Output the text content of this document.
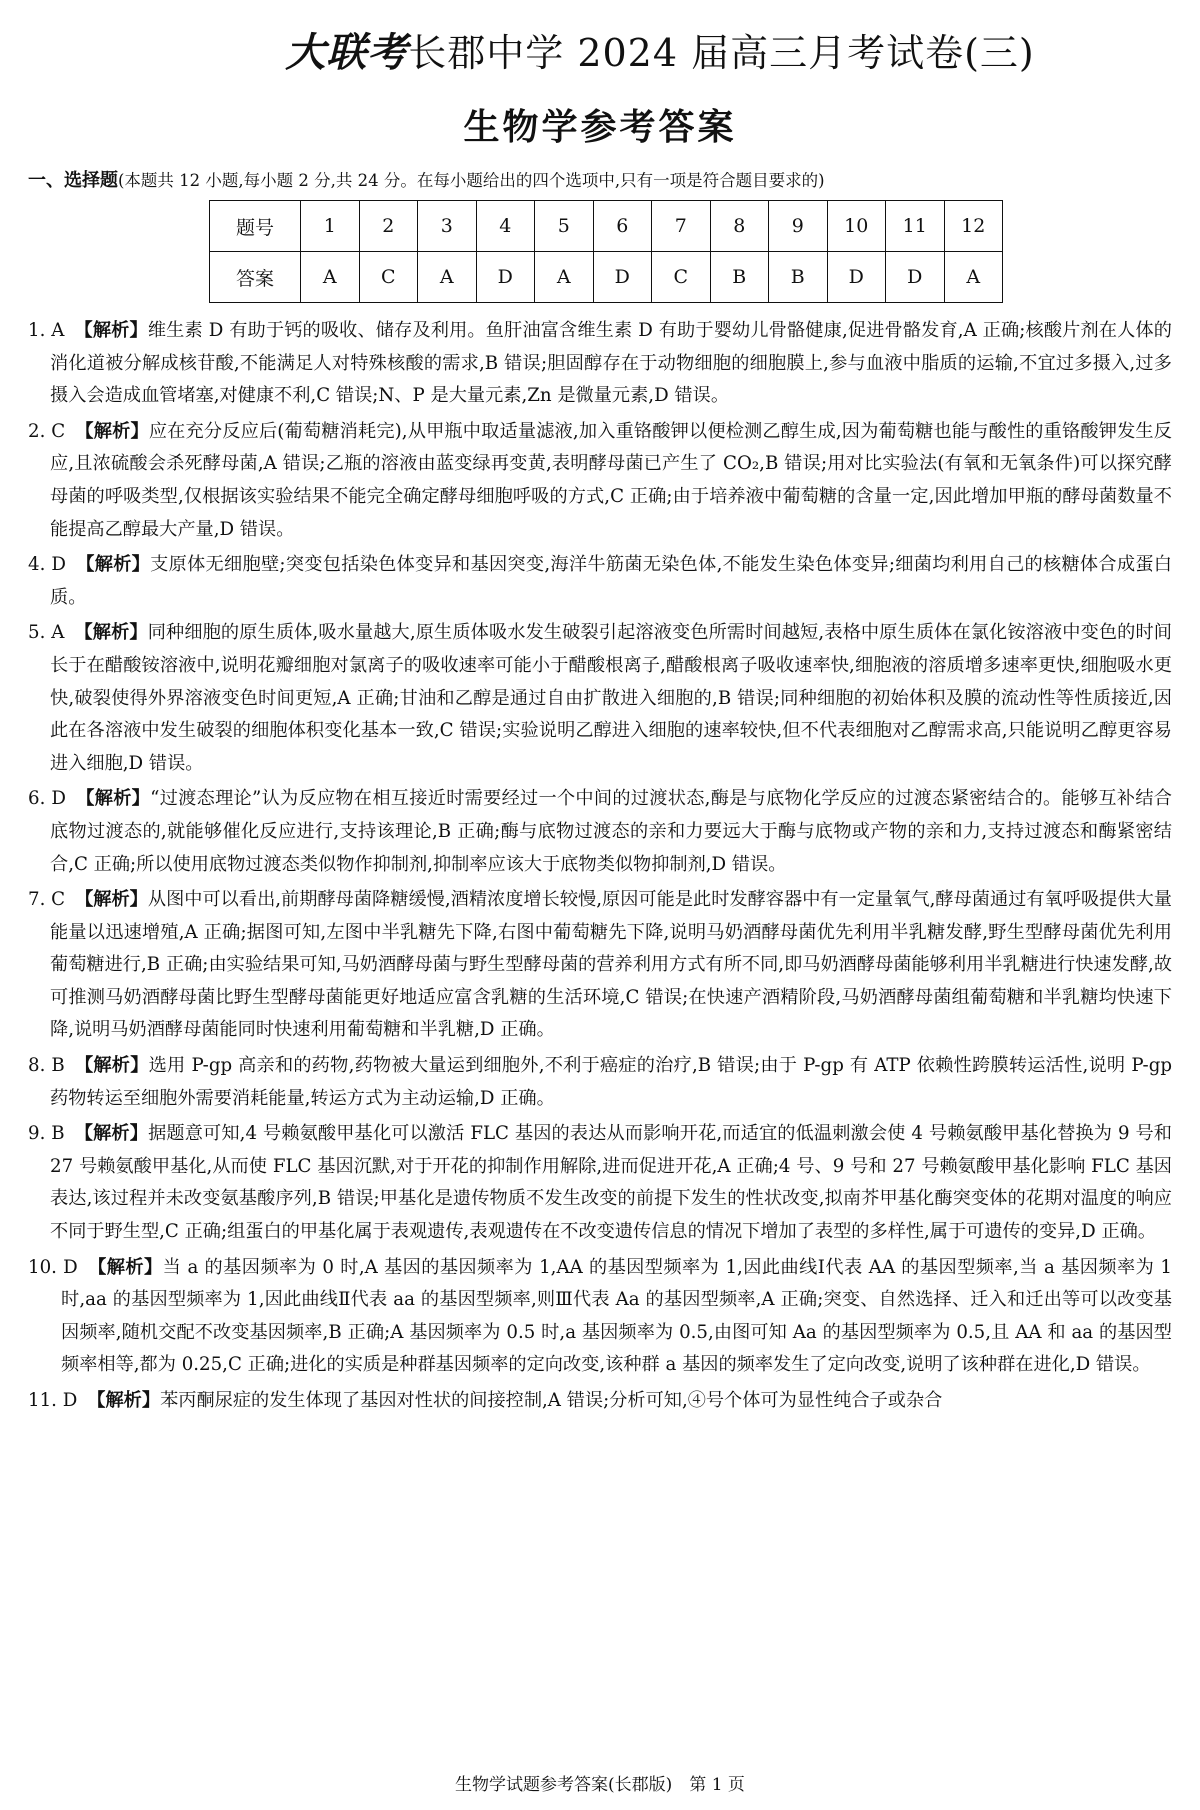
大联考长郡中学 2024 届高三月考试卷(三)
生物学参考答案
一、选择题(本题共 12 小题,每小题 2 分,共 24 分。在每小题给出的四个选项中,只有一项是符合题目要求的)
题号	1	2	3	4	5	6	7	8	9	10	11	12
答案	A	C	A	D	A	D	C	B	B	D	D	A

1. A 【解析】维生素 D 有助于钙的吸收、储存及利用。鱼肝油富含维生素 D 有助于婴幼儿骨骼健康,促进骨骼发育,A 正确;核酸片剂在人体的消化道被分解成核苷酸,不能满足人对特殊核酸的需求,B 错误;胆固醇存在于动物细胞的细胞膜上,参与血液中脂质的运输,不宜过多摄入,过多摄入会造成血管堵塞,对健康不利,C 错误;N、P 是大量元素,Zn 是微量元素,D 错误。

2. C 【解析】应在充分反应后(葡萄糖消耗完),从甲瓶中取适量滤液,加入重铬酸钾以便检测乙醇生成,因为葡萄糖也能与酸性的重铬酸钾发生反应,且浓硫酸会杀死酵母菌,A 错误;乙瓶的溶液由蓝变绿再变黄,表明酵母菌已产生了 CO₂,B 错误;用对比实验法(有氧和无氧条件)可以探究酵母菌的呼吸类型,仅根据该实验结果不能完全确定酵母细胞呼吸的方式,C 正确;由于培养液中葡萄糖的含量一定,因此增加甲瓶的酵母菌数量不能提高乙醇最大产量,D 错误。

4. D 【解析】支原体无细胞壁;突变包括染色体变异和基因突变,海洋牛筋菌无染色体,不能发生染色体变异;细菌均利用自己的核糖体合成蛋白质。

5. A 【解析】同种细胞的原生质体,吸水量越大,原生质体吸水发生破裂引起溶液变色所需时间越短,表格中原生质体在氯化铵溶液中变色的时间长于在醋酸铵溶液中,说明花瓣细胞对氯离子的吸收速率可能小于醋酸根离子,醋酸根离子吸收速率快,细胞液的溶质增多速率更快,细胞吸水更快,破裂使得外界溶液变色时间更短,A 正确;甘油和乙醇是通过自由扩散进入细胞的,B 错误;同种细胞的初始体积及膜的流动性等性质接近,因此在各溶液中发生破裂的细胞体积变化基本一致,C 错误;实验说明乙醇进入细胞的速率较快,但不代表细胞对乙醇需求高,只能说明乙醇更容易进入细胞,D 错误。

6. D 【解析】“过渡态理论”认为反应物在相互接近时需要经过一个中间的过渡状态,酶是与底物化学反应的过渡态紧密结合的。能够互补结合底物过渡态的,就能够催化反应进行,支持该理论,B 正确;酶与底物过渡态的亲和力要远大于酶与底物或产物的亲和力,支持过渡态和酶紧密结合,C 正确;所以使用底物过渡态类似物作抑制剂,抑制率应该大于底物类似物抑制剂,D 错误。

7. C 【解析】从图中可以看出,前期酵母菌降糖缓慢,酒精浓度增长较慢,原因可能是此时发酵容器中有一定量氧气,酵母菌通过有氧呼吸提供大量能量以迅速增殖,A 正确;据图可知,左图中半乳糖先下降,右图中葡萄糖先下降,说明马奶酒酵母菌优先利用半乳糖发酵,野生型酵母菌优先利用葡萄糖进行,B 正确;由实验结果可知,马奶酒酵母菌与野生型酵母菌的营养利用方式有所不同,即马奶酒酵母菌能够利用半乳糖进行快速发酵,故可推测马奶酒酵母菌比野生型酵母菌能更好地适应富含乳糖的生活环境,C 错误;在快速产酒精阶段,马奶酒酵母菌组葡萄糖和半乳糖均快速下降,说明马奶酒酵母菌能同时快速利用葡萄糖和半乳糖,D 正确。

8. B 【解析】选用 P-gp 高亲和的药物,药物被大量运到细胞外,不利于癌症的治疗,B 错误;由于 P-gp 有 ATP 依赖性跨膜转运活性,说明 P-gp 药物转运至细胞外需要消耗能量,转运方式为主动运输,D 正确。

9. B 【解析】据题意可知,4 号赖氨酸甲基化可以激活 FLC 基因的表达从而影响开花,而适宜的低温刺激会使 4 号赖氨酸甲基化替换为 9 号和 27 号赖氨酸甲基化,从而使 FLC 基因沉默,对于开花的抑制作用解除,进而促进开花,A 正确;4 号、9 号和 27 号赖氨酸甲基化影响 FLC 基因表达,该过程并未改变氨基酸序列,B 错误;甲基化是遗传物质不发生改变的前提下发生的性状改变,拟南芥甲基化酶突变体的花期对温度的响应不同于野生型,C 正确;组蛋白的甲基化属于表观遗传,表观遗传在不改变遗传信息的情况下增加了表型的多样性,属于可遗传的变异,D 正确。

10. D 【解析】当 a 的基因频率为 0 时,A 基因的基因频率为 1,AA 的基因型频率为 1,因此曲线Ⅰ代表 AA 的基因型频率,当 a 基因频率为 1 时,aa 的基因型频率为 1,因此曲线Ⅱ代表 aa 的基因型频率,则Ⅲ代表 Aa 的基因型频率,A 正确;突变、自然选择、迁入和迁出等可以改变基因频率,随机交配不改变基因频率,B 正确;A 基因频率为 0.5 时,a 基因频率为 0.5,由图可知 Aa 的基因型频率为 0.5,且 AA 和 aa 的基因型频率相等,都为 0.25,C 正确;进化的实质是种群基因频率的定向改变,该种群 a 基因的频率发生了定向改变,说明了该种群在进化,D 错误。

11. D 【解析】苯丙酮尿症的发生体现了基因对性状的间接控制,A 错误;分析可知,④号个体可为显性纯合子或杂合

生物学试题参考答案(长郡版)　第 1 页
